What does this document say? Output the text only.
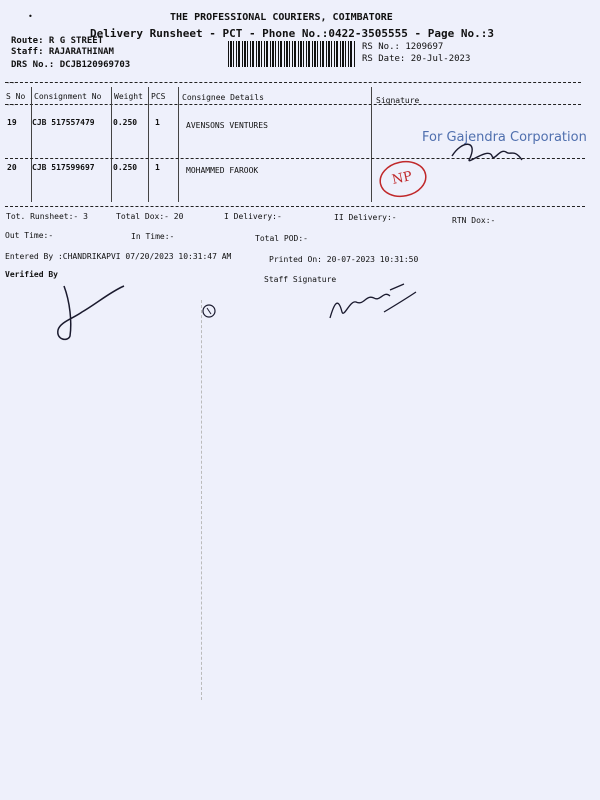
•	THE PROFESSIONAL COURIERS, COIMBATORE
Delivery Runsheet - PCT - Phone No.:0422-3505555 - Page No.:3
Route: R G STREET
Staff: RAJARATHINAM
DRS No.: DCJB120969703
RS No.: 1209697
RS Date: 20-Jul-2023
--
S No Consignment No Weight PCS Consignee Details	Signature
--
19 CJB 517557479 0.250 1	AVENSONS VENTURES
20 CJB 517599697 0.250 1	MOHAMMED FAROOK
For Gajendra Corporation
NP
Tot. Runsheet:- 3	Total Dox:- 20	I Delivery:-	II Delivery:-	RTN Dox:-
Out Time:-	In Time:-	Total POD:-
Entered By :CHANDRIKAPVI 07/20/2023 10:31:47 AM	Printed On: 20-07-2023 10:31:50
Verified By
Staff Signature
